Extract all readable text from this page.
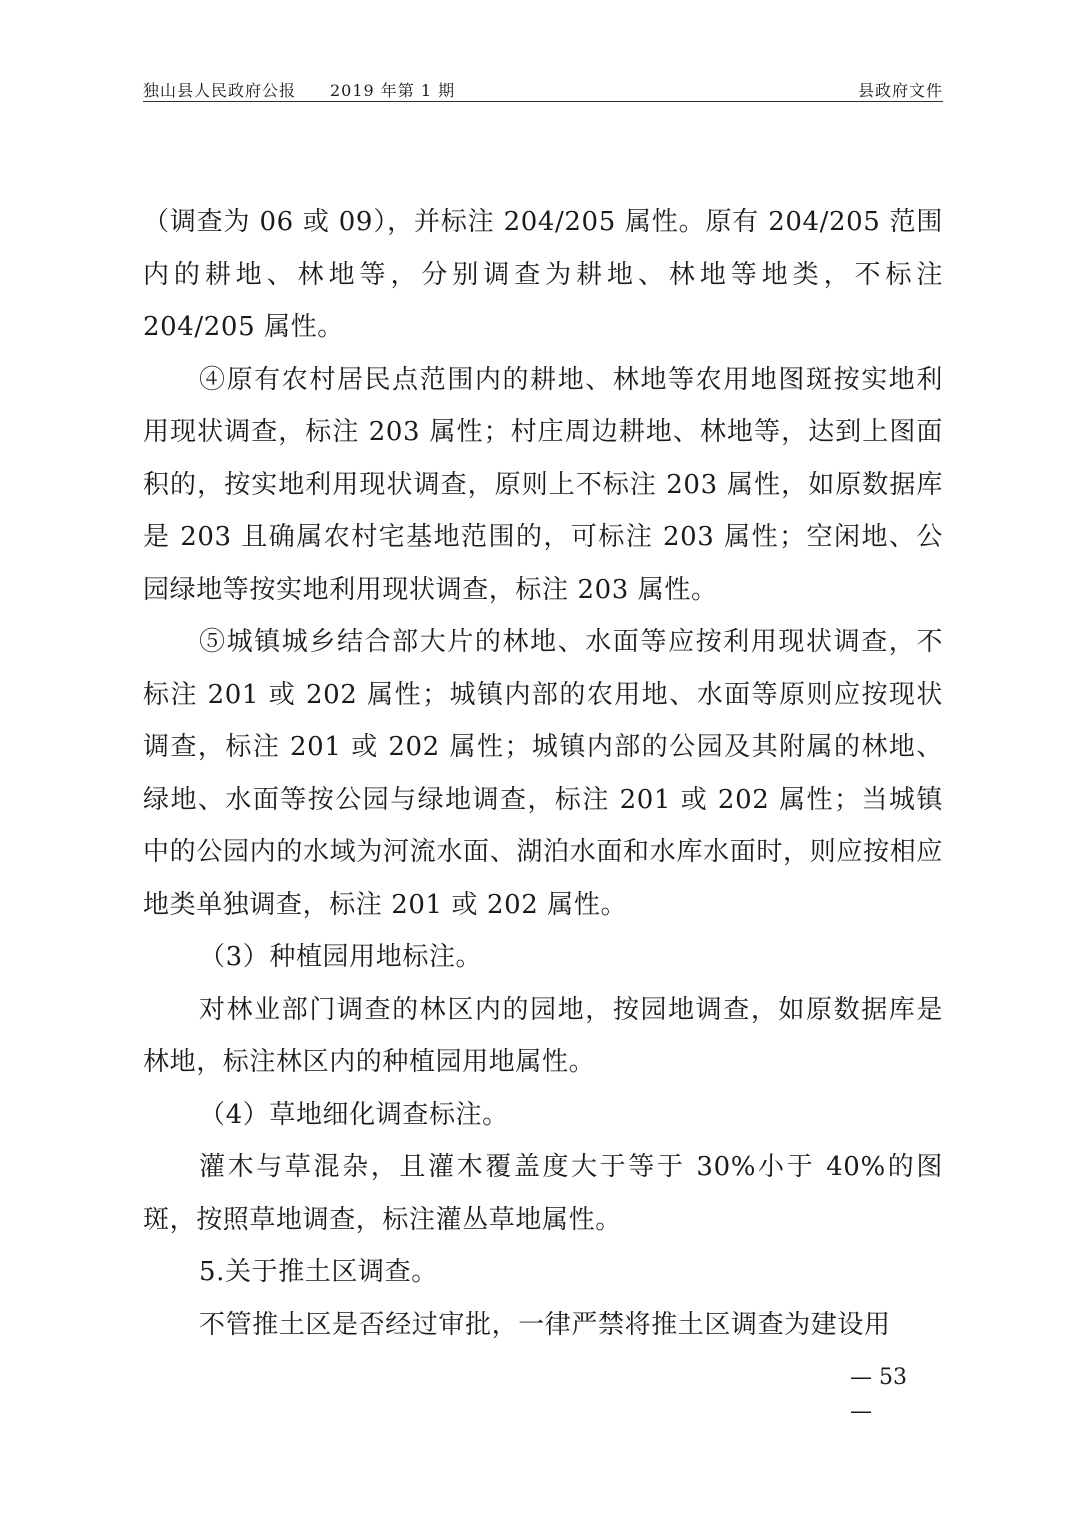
独山县人民政府公报　　2019 年第 1 期	县政府文件

（调查为 06 或 09），并标注 204/205 属性。原有 204/205 范围内的耕地、林地等，分别调查为耕地、林地等地类，不标注 204/205 属性。

④原有农村居民点范围内的耕地、林地等农用地图斑按实地利用现状调查，标注 203 属性；村庄周边耕地、林地等，达到上图面积的，按实地利用现状调查，原则上不标注 203 属性，如原数据库是 203 且确属农村宅基地范围的，可标注 203 属性；空闲地、公园绿地等按实地利用现状调查，标注 203 属性。

⑤城镇城乡结合部大片的林地、水面等应按利用现状调查，不标注 201 或 202 属性；城镇内部的农用地、水面等原则应按现状调查，标注 201 或 202 属性；城镇内部的公园及其附属的林地、绿地、水面等按公园与绿地调查，标注 201 或 202 属性；当城镇中的公园内的水域为河流水面、湖泊水面和水库水面时，则应按相应地类单独调查，标注 201 或 202 属性。

（3）种植园用地标注。

对林业部门调查的林区内的园地，按园地调查，如原数据库是林地，标注林区内的种植园用地属性。

（4）草地细化调查标注。

灌木与草混杂，且灌木覆盖度大于等于 30%小于 40%的图斑，按照草地调查，标注灌丛草地属性。

5.关于推土区调查。

不管推土区是否经过审批，一律严禁将推土区调查为建设用

— 53
—
